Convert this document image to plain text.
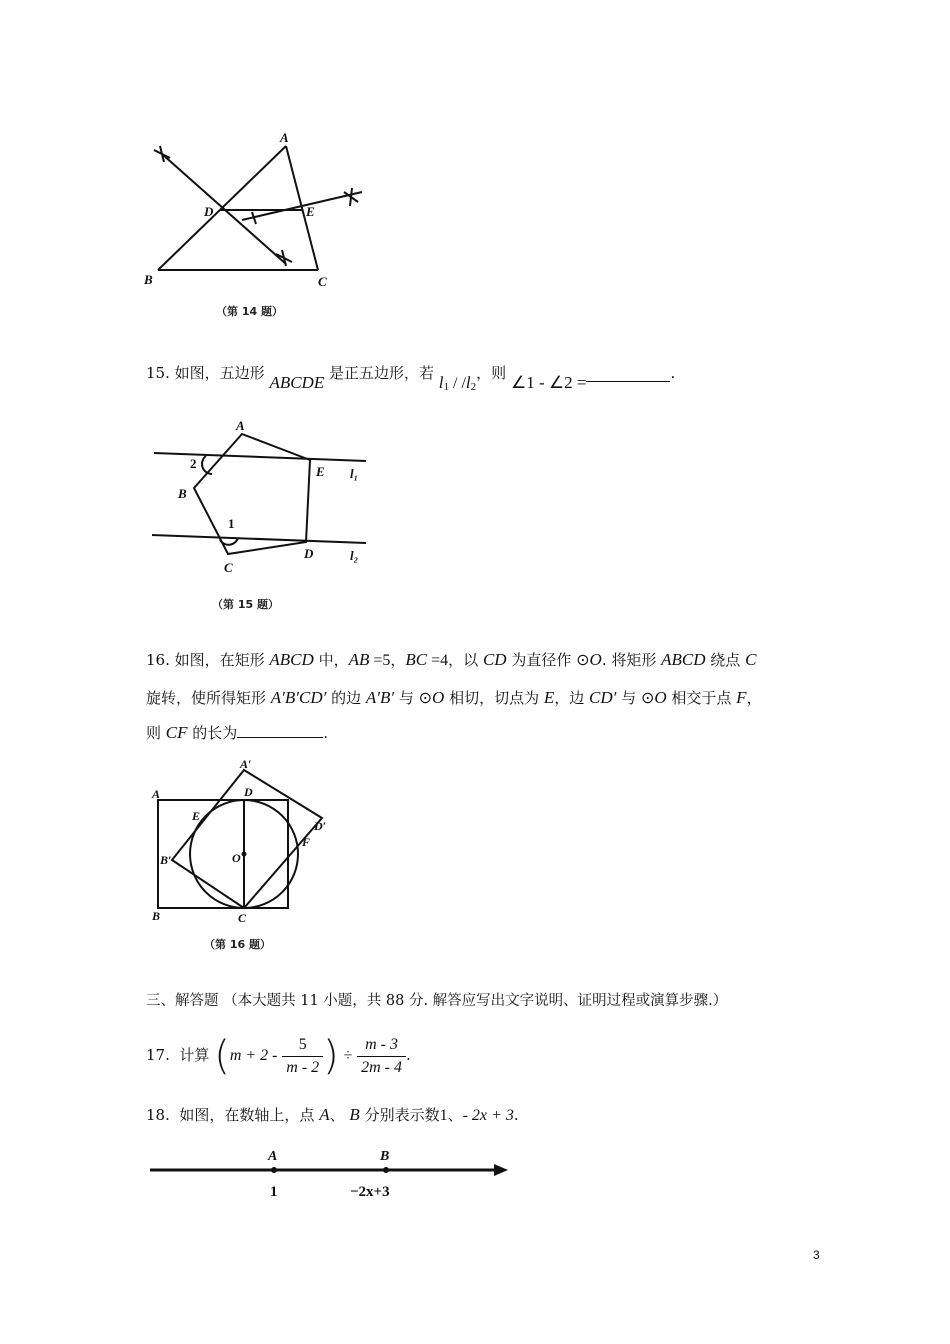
A
B	C
D	E
（第 14 题）
15. 如图，五边形 ABCDE 是正五边形，若 $l_1 / /l_2$，则 ∠1 - ∠2 =	.
A
B
C
D
E l₁
l₂
2
1
（第 15 题）
16. 如图，在矩形 ABCD 中，AB =5，BC =4，以 CD 为直径作 ⊙O. 将矩形 ABCD 绕点 C
旋转，使所得矩形 A′B′CD′ 的边 A′B′ 与 ⊙O 相切，切点为 E，边 CD′ 与 ⊙O 相交于点 F，
则 CF 的长为	.
A′
A
B	C
D
E
F
O
B′
D′
（第 16 题）
三、解答题 （本大题共 11 小题，共 88 分. 解答应写出文字说明、证明过程或演算步骤.）
17. 计算 ($m + 2 - \frac{5}{m - 2}$ ) ÷ $\frac{m - 3}{2m - 4}$ .
18. 如图，在数轴上，点 A、 B 分别表示数1、- 2x + 3.
A	B
1	−2x+3
3
